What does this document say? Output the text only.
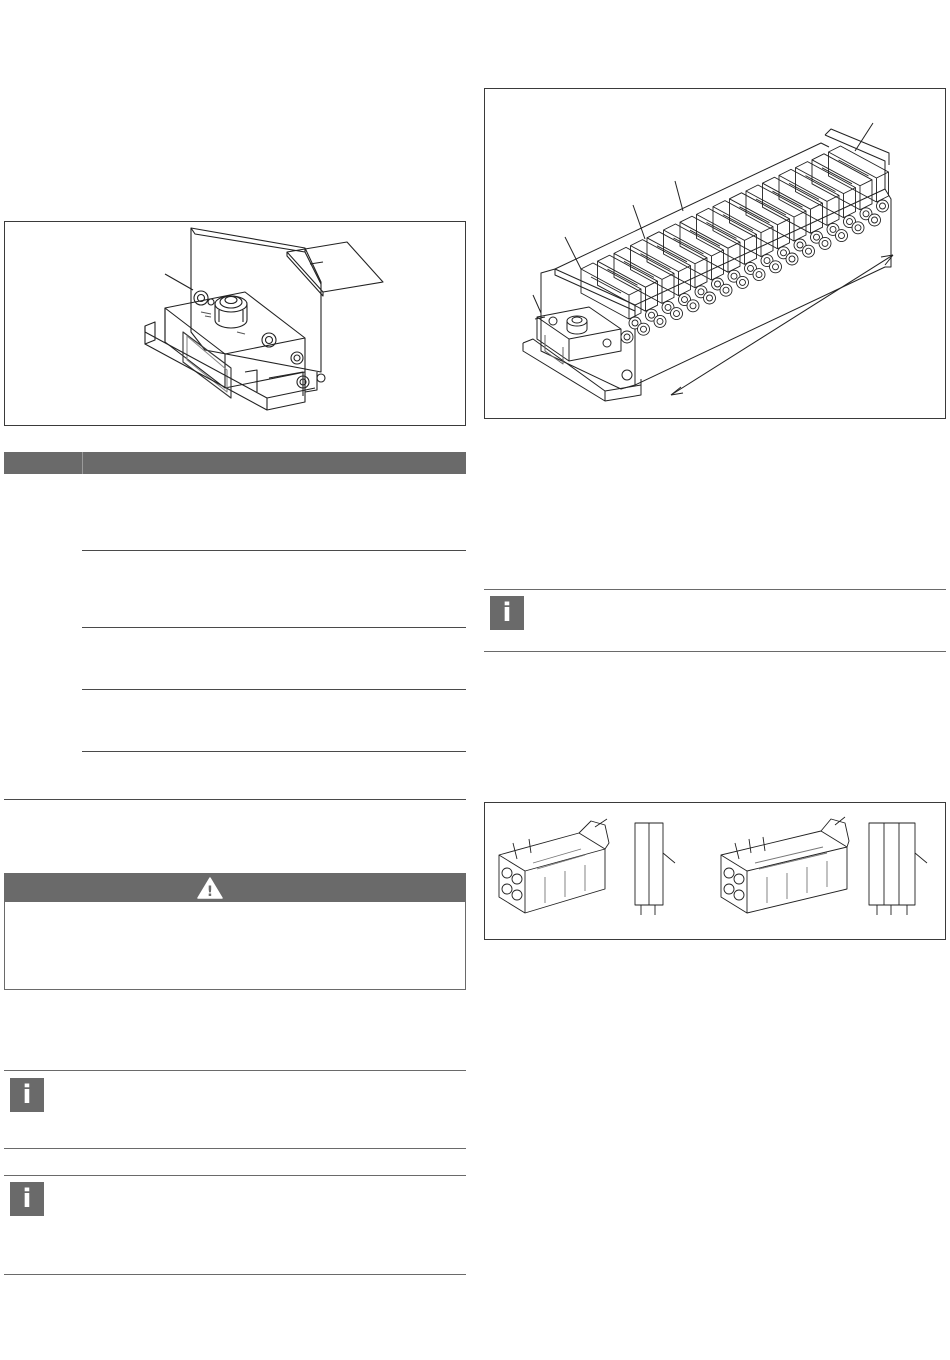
!
i
i
i
